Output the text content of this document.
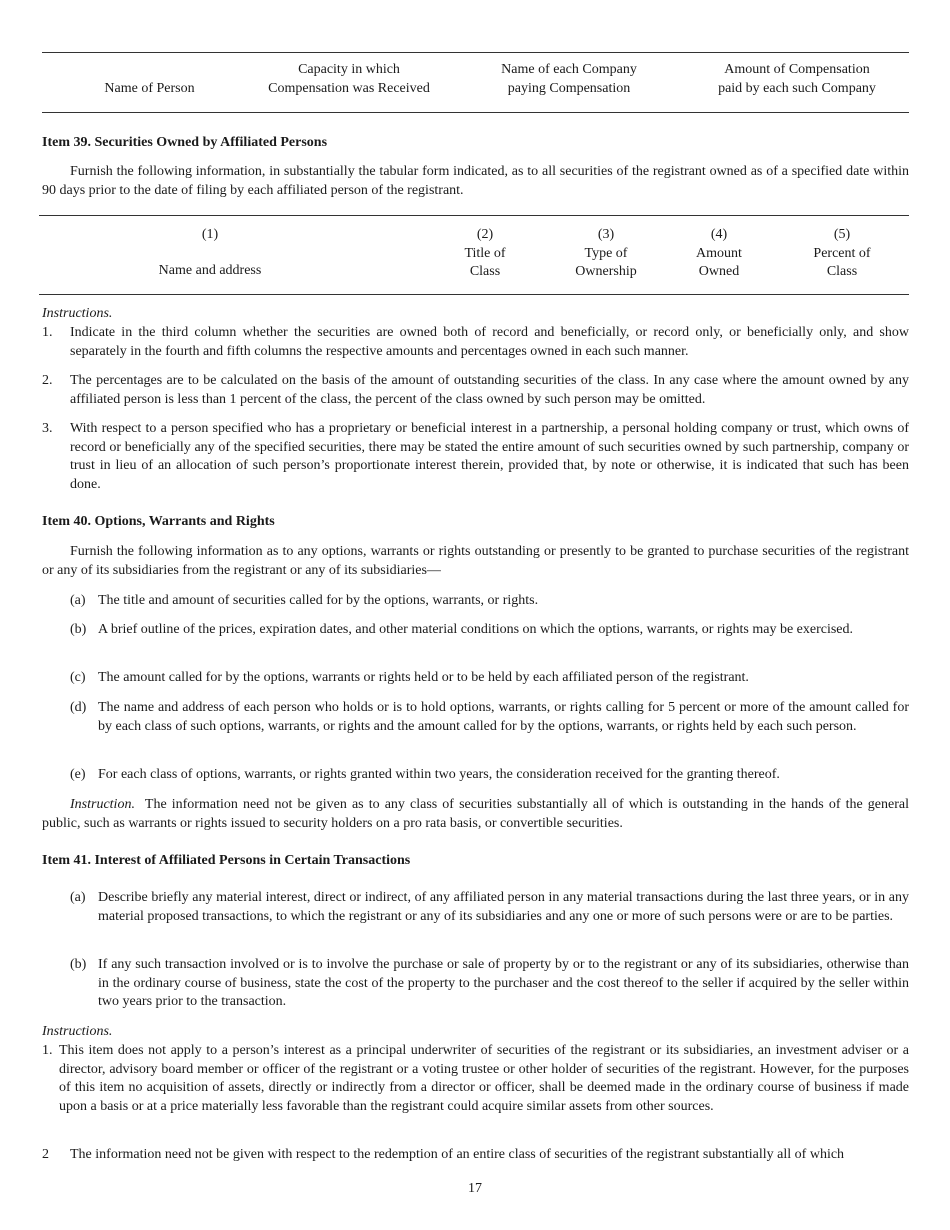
Name of Person
Capacity in which
Compensation was Received
Name of each Company
paying Compensation
Amount of Compensation
paid by each such Company
Item 39. Securities Owned by Affiliated Persons
Furnish the following information, in substantially the tabular form indicated, as to all securities of the registrant owned as of a specified date within 90 days prior to the date of filing by each affiliated person of the registrant.
(1)
Name and address
(2)
Title of
Class
(3)
Type of
Ownership
(4)
Amount
Owned
(5)
Percent of
Class
Instructions.
1. Indicate in the third column whether the securities are owned both of record and beneficially, or record only, or beneficially only, and show separately in the fourth and fifth columns the respective amounts and percentages owned in each such manner.
2. The percentages are to be calculated on the basis of the amount of outstanding securities of the class. In any case where the amount owned by any affiliated person is less than 1 percent of the class, the percent of the class owned by such person may be omitted.
3. With respect to a person specified who has a proprietary or beneficial interest in a partnership, a personal holding company or trust, which owns of record or beneficially any of the specified securities, there may be stated the entire amount of such securities owned by such partnership, company or trust in lieu of an allocation of such person’s proportionate interest therein, provided that, by note or otherwise, it is indicated that such has been done.
Item 40. Options, Warrants and Rights
Furnish the following information as to any options, warrants or rights outstanding or presently to be granted to purchase securities of the registrant or any of its subsidiaries from the registrant or any of its subsidiaries—
(a) The title and amount of securities called for by the options, warrants, or rights.
(b) A brief outline of the prices, expiration dates, and other material conditions on which the options, warrants, or rights may be exercised.
(c) The amount called for by the options, warrants or rights held or to be held by each affiliated person of the registrant.
(d) The name and address of each person who holds or is to hold options, warrants, or rights calling for 5 percent or more of the amount called for by each class of such options, warrants, or rights and the amount called for by the options, warrants, or rights held by each such person.
(e) For each class of options, warrants, or rights granted within two years, the consideration received for the granting thereof.
Instruction. The information need not be given as to any class of securities substantially all of which is outstanding in the hands of the general public, such as warrants or rights issued to security holders on a pro rata basis, or convertible securities.
Item 41. Interest of Affiliated Persons in Certain Transactions
(a) Describe briefly any material interest, direct or indirect, of any affiliated person in any material transactions during the last three years, or in any material proposed transactions, to which the registrant or any of its subsidiaries and any one or more of such persons were or are to be parties.
(b) If any such transaction involved or is to involve the purchase or sale of property by or to the registrant or any of its subsidiaries, otherwise than in the ordinary course of business, state the cost of the property to the purchaser and the cost thereof to the seller if acquired by the seller within two years prior to the transaction.
Instructions.
1. This item does not apply to a person’s interest as a principal underwriter of securities of the registrant or its subsidiaries, an investment adviser or a director, advisory board member or officer of the registrant or a voting trustee or other holder of securities of the registrant. However, for the purposes of this item no acquisition of assets, directly or indirectly from a director or officer, shall be deemed made in the ordinary course of business if made upon a basis or at a price materially less favorable than the registrant could acquire similar assets from other sources.
2 The information need not be given with respect to the redemption of an entire class of securities of the registrant substantially all of which
17
